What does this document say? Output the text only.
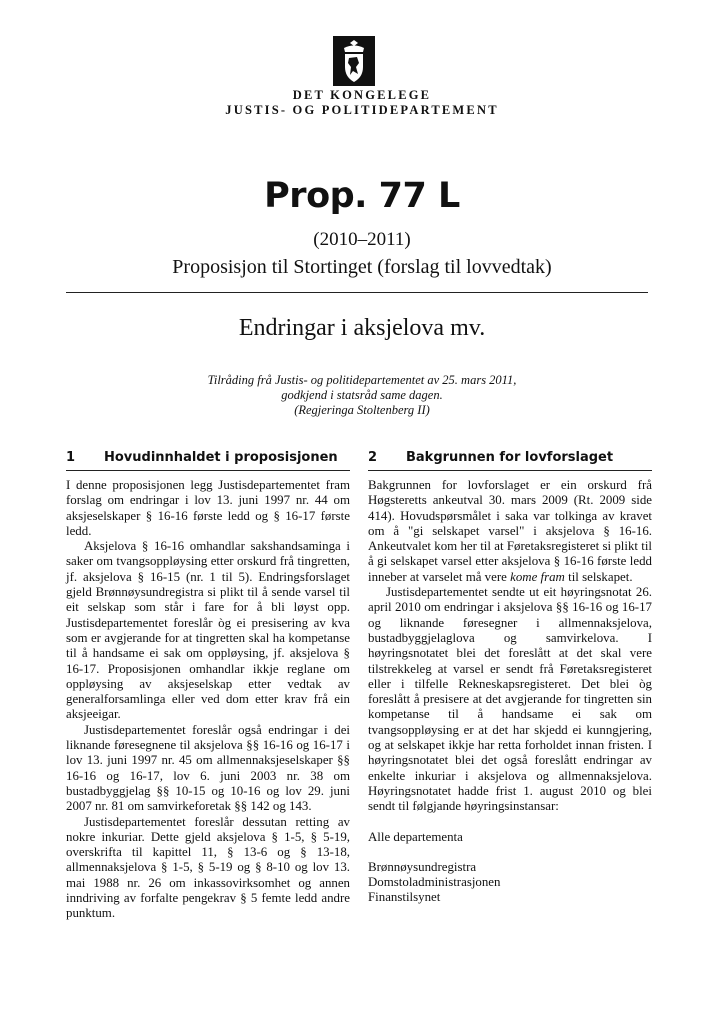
DET KONGELEGE
JUSTIS- OG POLITIDEPARTEMENT
Prop. 77 L
(2010–2011)
Proposisjon til Stortinget (forslag til lovvedtak)
Endringar i aksjelova mv.
Tilråding frå Justis- og politidepartementet av 25. mars 2011,
godkjend i statsråd same dagen.
(Regjeringa Stoltenberg II)
1 Hovudinnhaldet i proposisjonen

I denne proposisjonen legg Justisdepartementet fram forslag om endringar i lov 13. juni 1997 nr. 44 om aksjeselskaper § 16-16 første ledd og § 16-17 første ledd.

Aksjelova § 16-16 omhandlar sakshandsaminga i saker om tvangsoppløysing etter orskurd frå tingretten, jf. aksjelova § 16-15 (nr. 1 til 5). Endringsforslaget gjeld Brønnøysundregistra si plikt til å sende varsel til eit selskap som står i fare for å bli løyst opp. Justisdepartementet foreslår òg ei presisering av kva som er avgjerande for at tingretten skal ha kompetanse til å handsame ei sak om oppløysing, jf. aksjelova § 16-17. Proposisjonen omhandlar ikkje reglane om oppløysing av aksjeselskap etter vedtak av generalforsamlinga eller ved dom etter krav frå ein aksjeeigar.

Justisdepartementet foreslår også endringar i dei liknande føresegnene til aksjelova §§ 16-16 og 16-17 i lov 13. juni 1997 nr. 45 om allmennaksjeselskaper §§ 16-16 og 16-17, lov 6. juni 2003 nr. 38 om bustadbyggjelag §§ 10-15 og 10-16 og lov 29. juni 2007 nr. 81 om samvirkeforetak §§ 142 og 143.

Justisdepartementet foreslår dessutan retting av nokre inkuriar. Dette gjeld aksjelova § 1-5, § 5-19, overskrifta til kapittel 11, § 13-6 og § 13-18, allmennaksjelova § 1-5, § 5-19 og § 8-10 og lov 13. mai 1988 nr. 26 om inkassovirksomhet og annen inndriving av forfalte pengekrav § 5 femte ledd andre punktum.

2 Bakgrunnen for lovforslaget

Bakgrunnen for lovforslaget er ein orskurd frå Høgsteretts ankeutval 30. mars 2009 (Rt. 2009 side 414). Hovudspørsmålet i saka var tolkinga av kravet om å "gi selskapet varsel" i aksjelova § 16-16. Ankeutvalet kom her til at Føretaksregisteret si plikt til å gi selskapet varsel etter aksjelova § 16-16 første ledd inneber at varselet må vere kome fram til selskapet.

Justisdepartementet sendte ut eit høyringsnotat 26. april 2010 om endringar i aksjelova §§ 16-16 og 16-17 og liknande føresegner i allmennaksjelova, bustadbyggjelaglova og samvirkelova. I høyringsnotatet blei det foreslått at det skal vere tilstrekkeleg at varsel er sendt frå Føretaksregisteret eller i tilfelle Rekneskapsregisteret. Det blei òg foreslått å presisere at det avgjerande for tingretten sin kompetanse til å handsame ei sak om tvangsoppløysing er at det har skjedd ei kunngjering, og at selskapet ikkje har retta forholdet innan fristen. I høyringsnotatet blei det også foreslått endringar av enkelte inkuriar i aksjelova og allmennaksjelova. Høyringsnotatet hadde frist 1. august 2010 og blei sendt til følgjande høyringsinstansar:

Alle departementa

Brønnøysundregistra

Domstoladministrasjonen

Finanstilsynet
